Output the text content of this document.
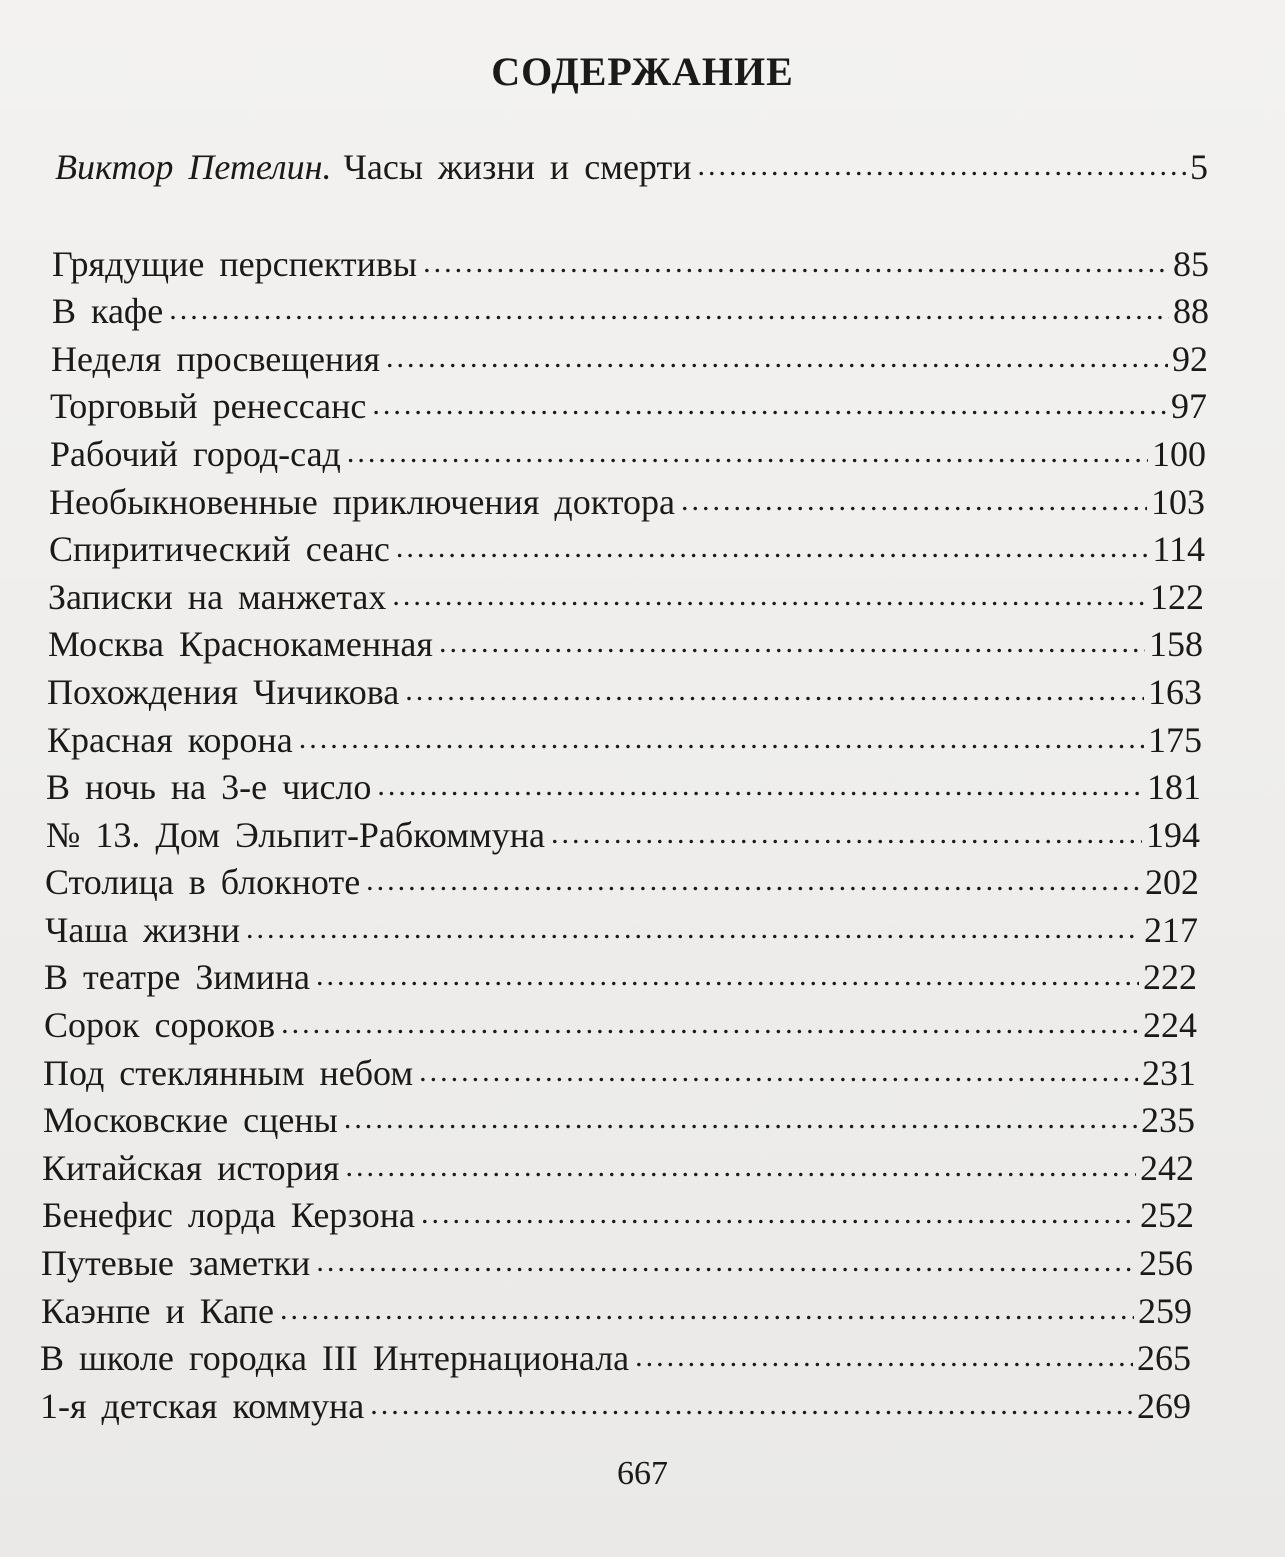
СОДЕРЖАНИЕ
Виктор Петелин. Часы жизни и смерти .....	5
Грядущие перспективы .....	85
В кафе .....	88
Неделя просвещения .....	92
Торговый ренессанс .....	97
Рабочий город-сад .....	100
Необыкновенные приключения доктора .....	103
Спиритический сеанс .....	114
Записки на манжетах .....	122
Москва Краснокаменная .....	158
Похождения Чичикова .....	163
Красная корона .....	175
В ночь на 3-е число .....	181
№ 13. Дом Эльпит-Рабкоммуна .....	194
Столица в блокноте .....	202
Чаша жизни .....	217
В театре Зимина .....	222
Сорок сороков .....	224
Под стеклянным небом .....	231
Московские сцены .....	235
Китайская история .....	242
Бенефис лорда Керзона .....	252
Путевые заметки .....	256
Каэнпе и Капе .....	259
В школе городка III Интернационала .....	265
1-я детская коммуна .....	269
667
